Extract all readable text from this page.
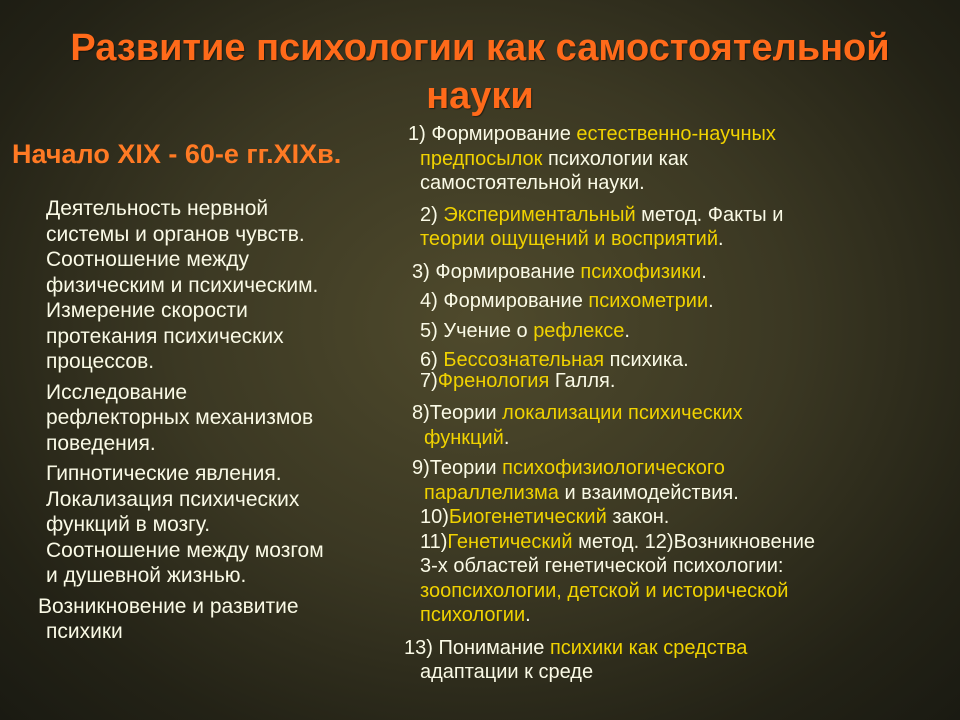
Развитие психологии как самостоятельной
науки
Начало XIX - 60-е гг.XIXв.
Деятельность нервной
системы и органов чувств.
Соотношение между
физическим и психическим.
Измерение скорости
протекания психических
процессов.
Исследование
рефлекторных механизмов
поведения.
Гипнотические явления.
Локализация психических
функций в мозгу.
Соотношение между мозгом
и душевной жизнью.
Возникновение и развитие
психики
1) Формирование естественно-научных
предпосылок психологии как
самостоятельной науки.
2) Экспериментальный метод. Факты и
теории ощущений и восприятий.
3) Формирование психофизики.
4) Формирование психометрии.
5) Учение о рефлексе.
6) Бессознательная психика.
7)Френология Галля.
8)Теории локализации психических
функций.
9)Теории психофизиологического
параллелизма и взаимодействия.
10)Биогенетический закон.
11)Генетический метод. 12)Возникновение
3-х областей генетической психологии:
зоопсихологии, детской и исторической
психологии.
13) Понимание психики как средства
адаптации к среде
